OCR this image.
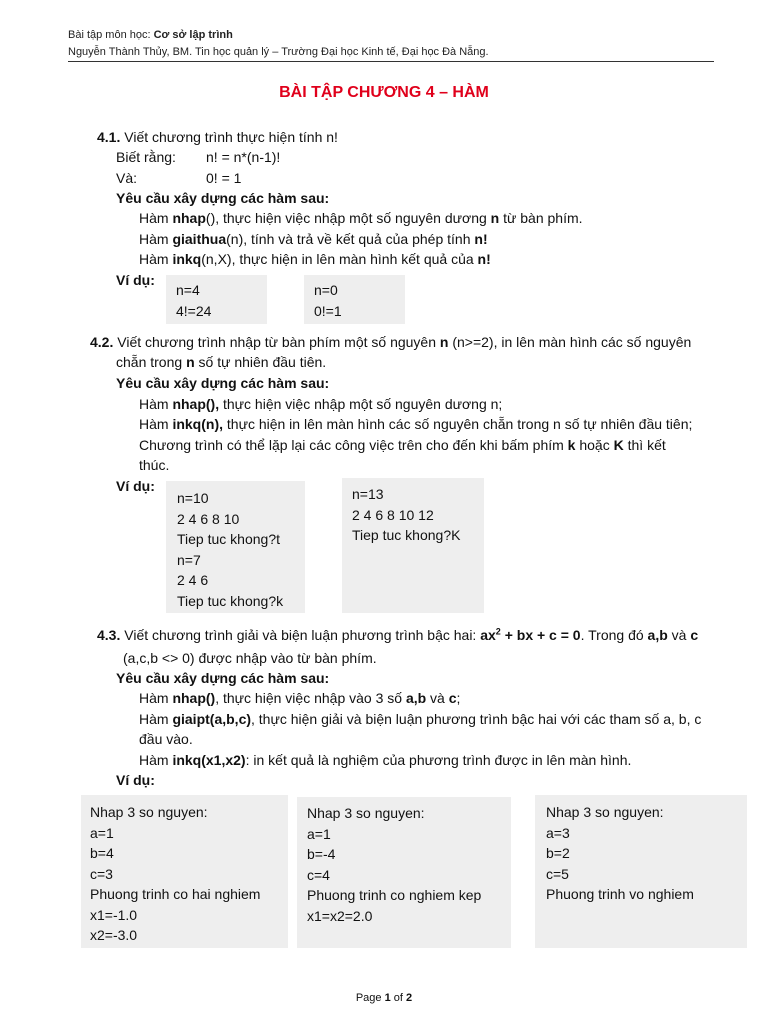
Bài tập môn học: Cơ sở lập trình
Nguyễn Thành Thủy, BM. Tin học quản lý – Trường Đại học Kinh tế, Đại học Đà Nẵng.
BÀI TẬP CHƯƠNG 4 – HÀM
4.1. Viết chương trình thực hiện tính n!
Biết rằng: n! = n*(n-1)!
Và:	0! = 1
Yêu cầu xây dựng các hàm sau:
Hàm nhap(), thực hiện việc nhập một số nguyên dương n từ bàn phím.
Hàm giaithua(n), tính và trả về kết quả của phép tính n!
Hàm inkq(n,X), thực hiện in lên màn hình kết quả của n!
Ví dụ:
n=4
4!=24
n=0
0!=1
4.2. Viết chương trình nhập từ bàn phím một số nguyên n (n>=2), in lên màn hình các số nguyên
chẵn trong n số tự nhiên đầu tiên.
Yêu cầu xây dựng các hàm sau:
Hàm nhap(), thực hiện việc nhập một số nguyên dương n;
Hàm inkq(n), thực hiện in lên màn hình các số nguyên chẵn trong n số tự nhiên đầu tiên;
Chương trình có thể lặp lại các công việc trên cho đến khi bấm phím k hoặc K thì kết
thúc.
Ví dụ:
n=10
2 4 6 8 10
Tiep tuc khong?t
n=7
2 4 6
Tiep tuc khong?k
n=13
2 4 6 8 10 12
Tiep tuc khong?K
4.3. Viết chương trình giải và biện luận phương trình bậc hai: $ax^2$ + bx + c = 0. Trong đó a,b và c
(a,c,b <> 0) được nhập vào từ bàn phím.
Yêu cầu xây dựng các hàm sau:
Hàm nhap(), thực hiện việc nhập vào 3 số a,b và c;
Hàm giaipt(a,b,c), thực hiện giải và biện luận phương trình bậc hai với các tham số a, b, c
đầu vào.
Hàm inkq(x1,x2): in kết quả là nghiệm của phương trình được in lên màn hình.
Ví dụ:
Nhap 3 so nguyen:
a=1
b=4
c=3
Phuong trinh co hai nghiem
x1=-1.0
x2=-3.0
Nhap 3 so nguyen:
a=1
b=-4
c=4
Phuong trinh co nghiem kep
x1=x2=2.0
Nhap 3 so nguyen:
a=3
b=2
c=5
Phuong trinh vo nghiem
Page 1 of 2
